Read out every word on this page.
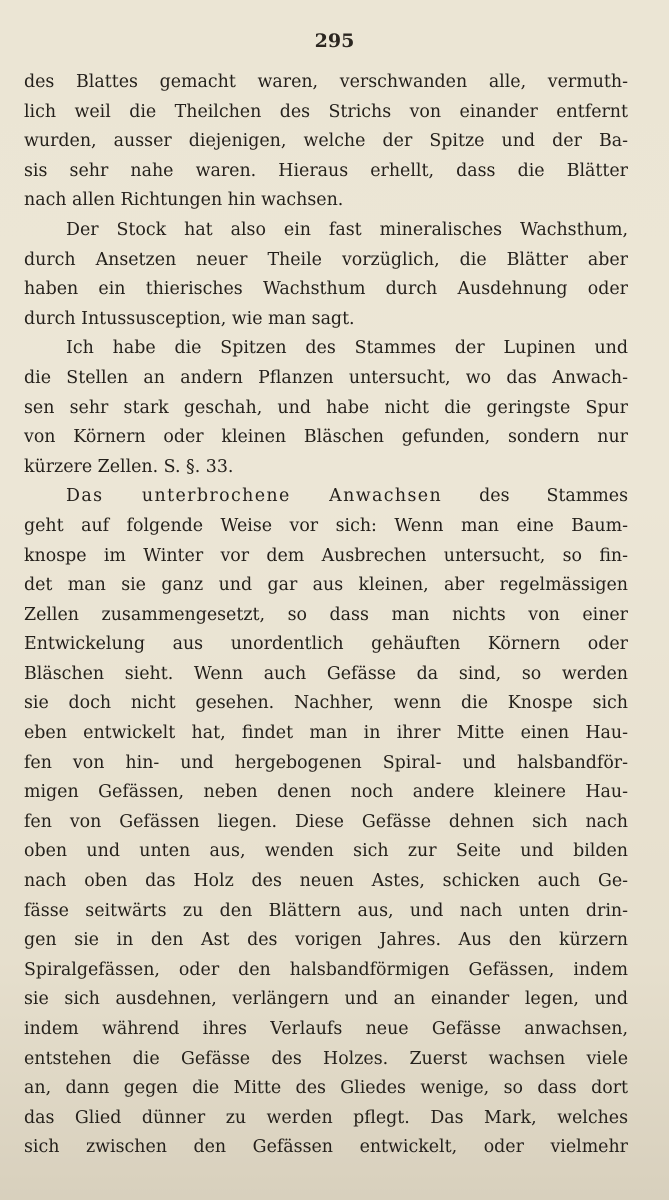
295
des Blattes gemacht waren, verschwanden alle, vermuth-
lich weil die Theilchen des Strichs von einander entfernt
wurden, ausser diejenigen, welche der Spitze und der Ba-
sis sehr nahe waren. Hieraus erhellt, dass die Blätter
nach allen Richtungen hin wachsen.
Der Stock hat also ein fast mineralisches Wachsthum,
durch Ansetzen neuer Theile vorzüglich, die Blätter aber
haben ein thierisches Wachsthum durch Ausdehnung oder
durch Intussusception, wie man sagt.
Ich habe die Spitzen des Stammes der Lupinen und
die Stellen an andern Pflanzen untersucht, wo das Anwach-
sen sehr stark geschah, und habe nicht die geringste Spur
von Körnern oder kleinen Bläschen gefunden, sondern nur
kürzere Zellen. S. §. 33.
Das unterbrochene Anwachsen des Stammes
geht auf folgende Weise vor sich: Wenn man eine Baum-
knospe im Winter vor dem Ausbrechen untersucht, so fin-
det man sie ganz und gar aus kleinen, aber regelmässigen
Zellen zusammengesetzt, so dass man nichts von einer
Entwickelung aus unordentlich gehäuften Körnern oder
Bläschen sieht. Wenn auch Gefässe da sind, so werden
sie doch nicht gesehen. Nachher, wenn die Knospe sich
eben entwickelt hat, findet man in ihrer Mitte einen Hau-
fen von hin- und hergebogenen Spiral- und halsbandför-
migen Gefässen, neben denen noch andere kleinere Hau-
fen von Gefässen liegen. Diese Gefässe dehnen sich nach
oben und unten aus, wenden sich zur Seite und bilden
nach oben das Holz des neuen Astes, schicken auch Ge-
fässe seitwärts zu den Blättern aus, und nach unten drin-
gen sie in den Ast des vorigen Jahres. Aus den kürzern
Spiralgefässen, oder den halsbandförmigen Gefässen, indem
sie sich ausdehnen, verlängern und an einander legen, und
indem während ihres Verlaufs neue Gefässe anwachsen,
entstehen die Gefässe des Holzes. Zuerst wachsen viele
an, dann gegen die Mitte des Gliedes wenige, so dass dort
das Glied dünner zu werden pflegt. Das Mark, welches
sich zwischen den Gefässen entwickelt, oder vielmehr
